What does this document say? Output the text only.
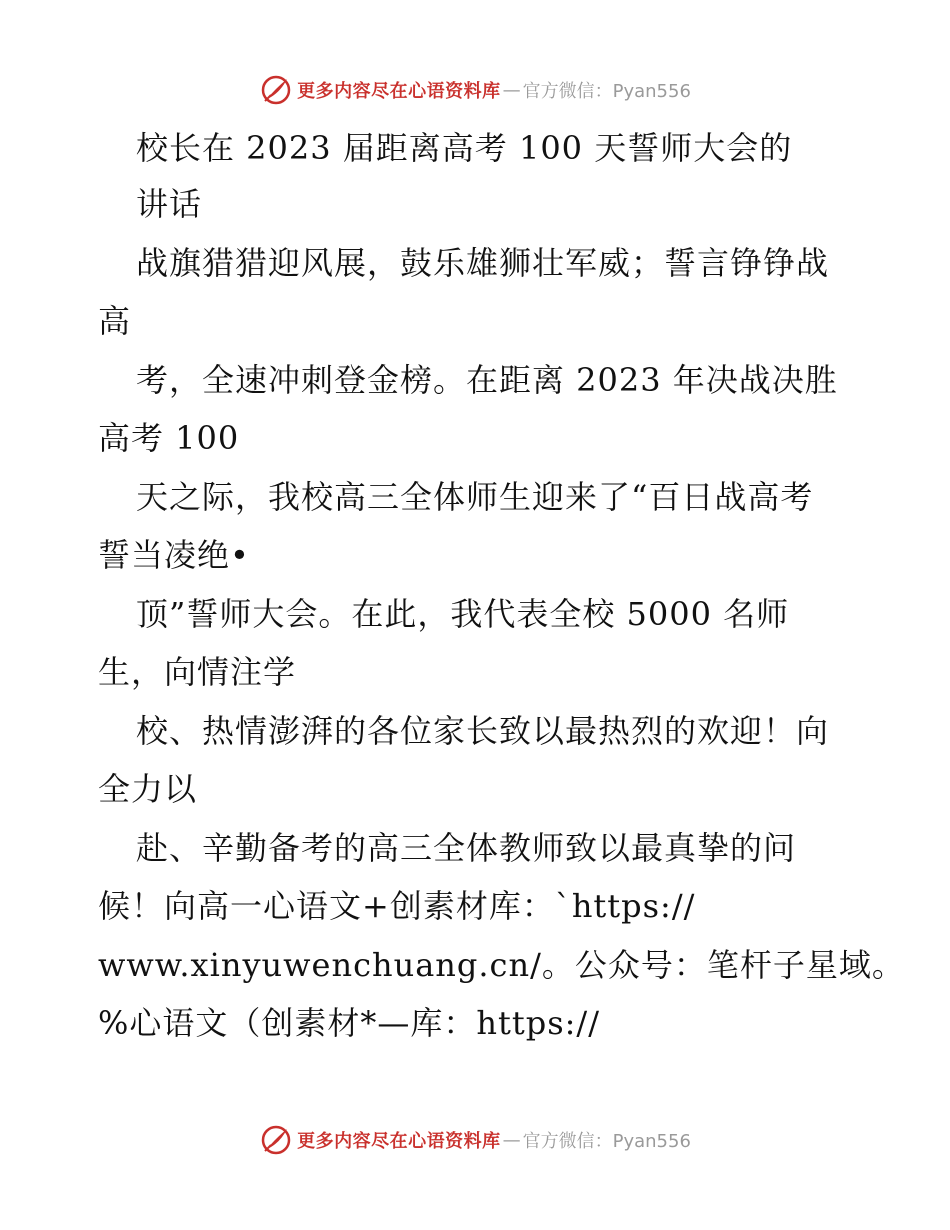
更多内容尽在心语资料库 — 官方微信：Pyan556
校长在 2023 届距离高考 100 天誓师大会的
讲话
战旗猎猎迎风展，鼓乐雄狮壮军威；誓言铮铮战
高
考，全速冲刺登金榜。在距离 2023 年决战决胜
高考 100
天之际，我校高三全体师生迎来了“百日战高考
誓当凌绝•
顶”誓师大会。在此，我代表全校 5000 名师
生，向情注学
校、热情澎湃的各位家长致以最热烈的欢迎！向
全力以
赴、辛勤备考的高三全体教师致以最真挚的问
候！向高一心语文+创素材库：`https://
www.xinyuwenchuang.cn/。公众号：笔杆子星域。
%心语文（创素材*—库：https://
更多内容尽在心语资料库 — 官方微信：Pyan556
